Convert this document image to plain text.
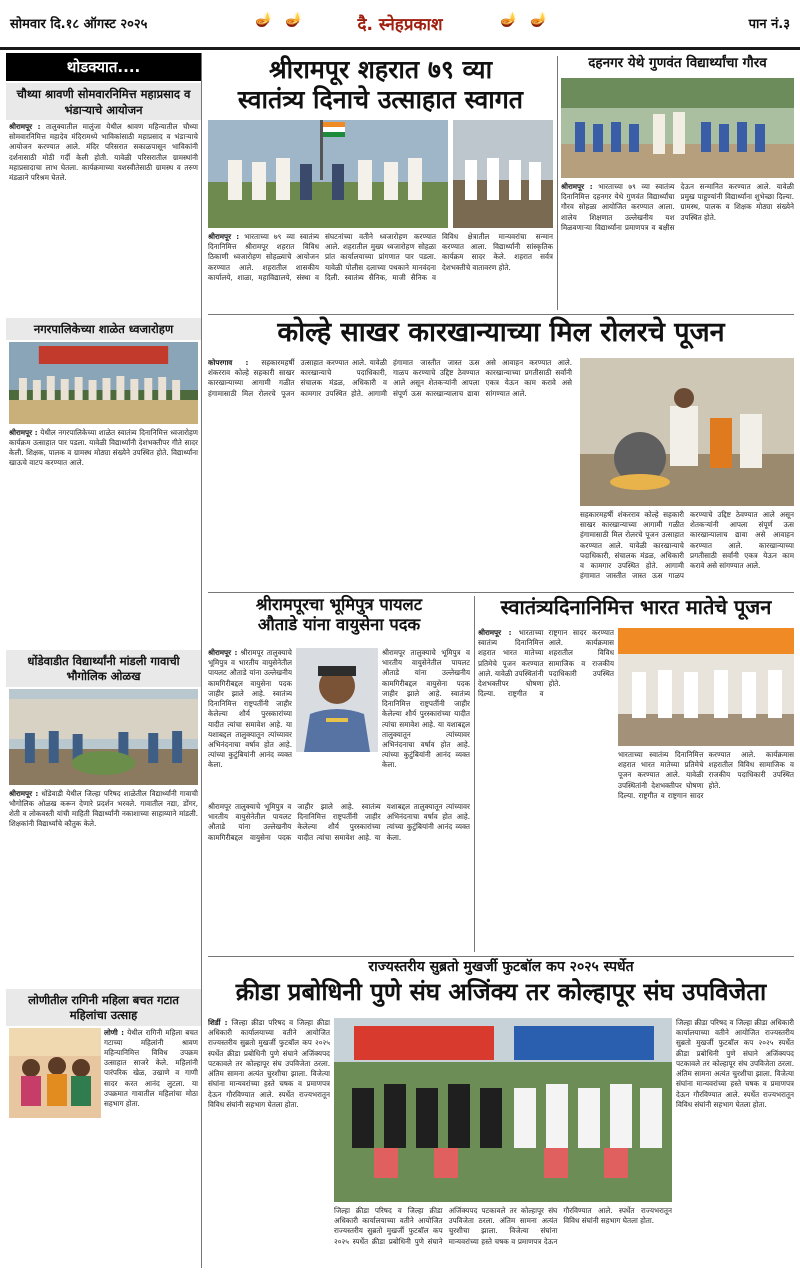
सोमवार दि.१८ ऑगस्ट २०२५	🪔 🪔	दै. स्नेहप्रकाश	🪔 🪔	पान नं.३
थोडक्यात....
चौथ्या श्रावणी सोमवारनिमित्त महाप्रसाद व भंडाऱ्याचे आयोजन
श्रीरामपूर : तालुक्यातील मालुंजा येथील श्रावण महिन्यातील चौथ्या सोमवारनिमित्त महादेव मंदिरामध्ये भाविकांसाठी महाप्रसाद व भंडाऱ्याचे आयोजन करण्यात आले. मंदिर परिसरात सकाळपासून भाविकांनी दर्शनासाठी मोठी गर्दी केली होती. यावेळी परिसरातील ग्रामस्थांनी महाप्रसादाचा लाभ घेतला. कार्यक्रमाच्या यशस्वीतेसाठी ग्रामस्थ व तरुण मंडळाने परिश्रम घेतले.
नगरपालिकेच्या शाळेत ध्वजारोहण
श्रीरामपूर : येथील नगरपालिकेच्या शाळेत स्वातंत्र्य दिनानिमित्त ध्वजारोहण कार्यक्रम उत्साहात पार पडला. यावेळी विद्यार्थ्यांनी देशभक्तीपर गीते सादर केली. शिक्षक, पालक व ग्रामस्थ मोठ्या संख्येने उपस्थित होते. विद्यार्थ्यांना खाऊचे वाटप करण्यात आले.
धोंडेवाडीत विद्यार्थ्यांनी मांडली गावाची भौगोलिक ओळख
श्रीरामपूर : धोंडेवाडी येथील जिल्हा परिषद शाळेतील विद्यार्थ्यांनी गावाची भौगोलिक ओळख करून देणारे प्रदर्शन भरवले. गावातील नद्या, डोंगर, शेती व लोकवस्ती यांची माहिती विद्यार्थ्यांनी नकाशाच्या साहाय्याने मांडली. शिक्षकांनी विद्यार्थ्यांचे कौतुक केले.
लोणीतील रागिनी महिला बचत गटात महिलांचा उत्साह
लोणी : येथील रागिनी महिला बचत गटाच्या महिलांनी श्रावण महिन्यानिमित्त विविध उपक्रम उत्साहात साजरे केले. महिलांनी पारंपरिक खेळ, उखाणे व गाणी सादर करत आनंद लुटला. या उपक्रमात गावातील महिलांचा मोठा सहभाग होता.
श्रीरामपूर शहरात ७९ व्या
स्वातंत्र्य दिनाचे उत्साहात स्वागत
श्रीरामपूर : भारताच्या ७९ व्या स्वातंत्र्य दिनानिमित्त श्रीरामपूर शहरात विविध ठिकाणी ध्वजारोहण सोहळ्याचे आयोजन करण्यात आले. शहरातील शासकीय कार्यालये, शाळा, महाविद्यालये, संस्था व संघटनांच्या वतीने ध्वजारोहण करण्यात आले. शहरातील मुख्य ध्वजारोहण सोहळा प्रांत कार्यालयाच्या प्रांगणात पार पडला. यावेळी पोलीस दलाच्या पथकाने मानवंदना दिली. स्वातंत्र्य सैनिक, माजी सैनिक व विविध क्षेत्रातील मान्यवरांचा सन्मान करण्यात आला. विद्यार्थ्यांनी सांस्कृतिक कार्यक्रम सादर केले. शहरात सर्वत्र देशभक्तीचे वातावरण होते.
दहनगर येथे गुणवंत विद्यार्थ्यांचा गौरव
श्रीरामपूर : भारताच्या ७९ व्या स्वातंत्र्य दिनानिमित्त दहनगर येथे गुणवंत विद्यार्थ्यांचा गौरव सोहळा आयोजित करण्यात आला. शालेय शिक्षणात उल्लेखनीय यश मिळवणाऱ्या विद्यार्थ्यांना प्रमाणपत्र व बक्षीस देऊन सन्मानित करण्यात आले. यावेळी प्रमुख पाहुण्यांनी विद्यार्थ्यांना शुभेच्छा दिल्या. ग्रामस्थ, पालक व शिक्षक मोठ्या संख्येने उपस्थित होते.
कोल्हे साखर कारखान्याच्या मिल रोलरचे पूजन
कोपरगाव : सहकारमहर्षी शंकरराव कोल्हे सहकारी साखर कारखान्याच्या आगामी गळीत हंगामासाठी मिल रोलरचे पूजन उत्साहात करण्यात आले. यावेळी कारखान्याचे पदाधिकारी, संचालक मंडळ, अधिकारी व कामगार उपस्थित होते. आगामी हंगामात जास्तीत जास्त ऊस गाळप करण्याचे उद्दिष्ट ठेवण्यात आले असून शेतकऱ्यांनी आपला संपूर्ण ऊस कारखान्यालाच द्यावा असे आवाहन करण्यात आले. कारखान्याच्या प्रगतीसाठी सर्वांनी एकत्र येऊन काम करावे असे सांगण्यात आले.
सहकारमहर्षी शंकरराव कोल्हे सहकारी साखर कारखान्याच्या आगामी गळीत हंगामासाठी मिल रोलरचे पूजन उत्साहात करण्यात आले. यावेळी कारखान्याचे पदाधिकारी, संचालक मंडळ, अधिकारी व कामगार उपस्थित होते. आगामी हंगामात जास्तीत जास्त ऊस गाळप करण्याचे उद्दिष्ट ठेवण्यात आले असून शेतकऱ्यांनी आपला संपूर्ण ऊस कारखान्यालाच द्यावा असे आवाहन करण्यात आले. कारखान्याच्या प्रगतीसाठी सर्वांनी एकत्र येऊन काम करावे असे सांगण्यात आले.
श्रीरामपूरचा भूमिपुत्र पायलट
औताडे यांना वायुसेना पदक
श्रीरामपूर : श्रीरामपूर तालुक्याचे भूमिपुत्र व भारतीय वायुसेनेतील पायलट औताडे यांना उल्लेखनीय कामगिरीबद्दल वायुसेना पदक जाहीर झाले आहे. स्वातंत्र्य दिनानिमित्त राष्ट्रपतींनी जाहीर केलेल्या शौर्य पुरस्कारांच्या यादीत त्यांचा समावेश आहे. या यशाबद्दल तालुक्यातून त्यांच्यावर अभिनंदनाचा वर्षाव होत आहे. त्यांच्या कुटुंबियांनी आनंद व्यक्त केला.
श्रीरामपूर तालुक्याचे भूमिपुत्र व भारतीय वायुसेनेतील पायलट औताडे यांना उल्लेखनीय कामगिरीबद्दल वायुसेना पदक जाहीर झाले आहे. स्वातंत्र्य दिनानिमित्त राष्ट्रपतींनी जाहीर केलेल्या शौर्य पुरस्कारांच्या यादीत त्यांचा समावेश आहे. या यशाबद्दल तालुक्यातून त्यांच्यावर अभिनंदनाचा वर्षाव होत आहे. त्यांच्या कुटुंबियांनी आनंद व्यक्त केला.
श्रीरामपूर तालुक्याचे भूमिपुत्र व भारतीय वायुसेनेतील पायलट औताडे यांना उल्लेखनीय कामगिरीबद्दल वायुसेना पदक जाहीर झाले आहे. स्वातंत्र्य दिनानिमित्त राष्ट्रपतींनी जाहीर केलेल्या शौर्य पुरस्कारांच्या यादीत त्यांचा समावेश आहे. या यशाबद्दल तालुक्यातून त्यांच्यावर अभिनंदनाचा वर्षाव होत आहे. त्यांच्या कुटुंबियांनी आनंद व्यक्त केला.
स्वातंत्र्यदिनानिमित्त भारत मातेचे पूजन
श्रीरामपूर : भारताच्या स्वातंत्र्य दिनानिमित्त शहरात भारत मातेच्या प्रतिमेचे पूजन करण्यात आले. यावेळी उपस्थितांनी देशभक्तीपर घोषणा दिल्या. राष्ट्रगीत व राष्ट्रगान सादर करण्यात आले. कार्यक्रमास शहरातील विविध सामाजिक व राजकीय पदाधिकारी उपस्थित होते.
भारताच्या स्वातंत्र्य दिनानिमित्त शहरात भारत मातेच्या प्रतिमेचे पूजन करण्यात आले. यावेळी उपस्थितांनी देशभक्तीपर घोषणा दिल्या. राष्ट्रगीत व राष्ट्रगान सादर करण्यात आले. कार्यक्रमास शहरातील विविध सामाजिक व राजकीय पदाधिकारी उपस्थित होते.
राज्यस्तरीय सुब्रतो मुखर्जी फुटबॉल कप २०२५ स्पर्धेत
क्रीडा प्रबोधिनी पुणे संघ अजिंक्य तर कोल्हापूर संघ उपविजेता
शिर्डी : जिल्हा क्रीडा परिषद व जिल्हा क्रीडा अधिकारी कार्यालयाच्या वतीने आयोजित राज्यस्तरीय सुब्रतो मुखर्जी फुटबॉल कप २०२५ स्पर्धेत क्रीडा प्रबोधिनी पुणे संघाने अजिंक्यपद पटकावले तर कोल्हापूर संघ उपविजेता ठरला. अंतिम सामना अत्यंत चुरशीचा झाला. विजेत्या संघांना मान्यवरांच्या हस्ते चषक व प्रमाणपत्र देऊन गौरविण्यात आले. स्पर्धेत राज्यभरातून विविध संघांनी सहभाग घेतला होता.
जिल्हा क्रीडा परिषद व जिल्हा क्रीडा अधिकारी कार्यालयाच्या वतीने आयोजित राज्यस्तरीय सुब्रतो मुखर्जी फुटबॉल कप २०२५ स्पर्धेत क्रीडा प्रबोधिनी पुणे संघाने अजिंक्यपद पटकावले तर कोल्हापूर संघ उपविजेता ठरला. अंतिम सामना अत्यंत चुरशीचा झाला. विजेत्या संघांना मान्यवरांच्या हस्ते चषक व प्रमाणपत्र देऊन गौरविण्यात आले. स्पर्धेत राज्यभरातून विविध संघांनी सहभाग घेतला होता.
जिल्हा क्रीडा परिषद व जिल्हा क्रीडा अधिकारी कार्यालयाच्या वतीने आयोजित राज्यस्तरीय सुब्रतो मुखर्जी फुटबॉल कप २०२५ स्पर्धेत क्रीडा प्रबोधिनी पुणे संघाने अजिंक्यपद पटकावले तर कोल्हापूर संघ उपविजेता ठरला. अंतिम सामना अत्यंत चुरशीचा झाला. विजेत्या संघांना मान्यवरांच्या हस्ते चषक व प्रमाणपत्र देऊन गौरविण्यात आले. स्पर्धेत राज्यभरातून विविध संघांनी सहभाग घेतला होता.
